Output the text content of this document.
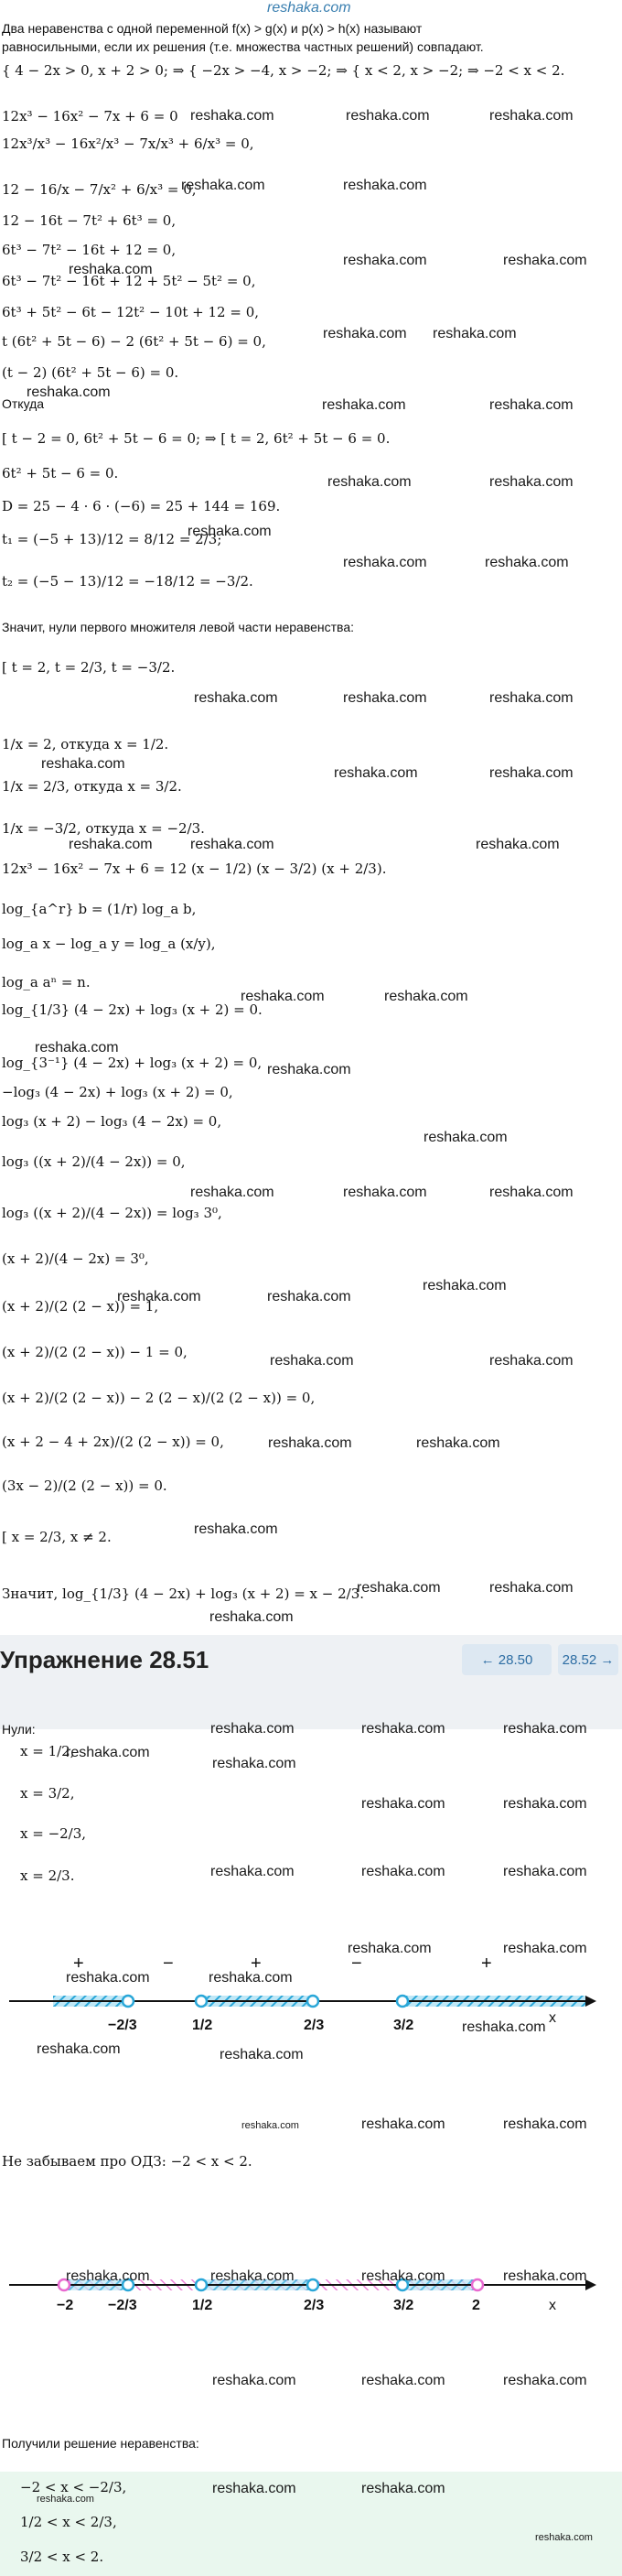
reshaka.com
Два неравенства с одной переменной f(x) > g(x) и p(x) > h(x) называют
равносильными, если их решения (т.е. множества частных решений) совпадают.
{ 4 − 2x > 0, x + 2 > 0; ⇒ { −2x > −4, x > −2; ⇒ { x < 2, x > −2; ⇒ −2 < x < 2.
12x³ − 16x² − 7x + 6 = 0
12x³/x³ − 16x²/x³ − 7x/x³ + 6/x³ = 0,
12 − 16/x − 7/x² + 6/x³ = 0,
12 − 16t − 7t² + 6t³ = 0,
6t³ − 7t² − 16t + 12 = 0,
6t³ − 7t² − 16t + 12 + 5t² − 5t² = 0,
6t³ + 5t² − 6t − 12t² − 10t + 12 = 0,
t (6t² + 5t − 6) − 2 (6t² + 5t − 6) = 0,
(t − 2) (6t² + 5t − 6) = 0.
Откуда
[ t − 2 = 0, 6t² + 5t − 6 = 0; ⇒ [ t = 2, 6t² + 5t − 6 = 0.
6t² + 5t − 6 = 0.
D = 25 − 4 · 6 · (−6) = 25 + 144 = 169.
t₁ = (−5 + 13)/12 = 8/12 = 2/3;
t₂ = (−5 − 13)/12 = −18/12 = −3/2.
Значит, нули первого множителя левой части неравенства:
[ t = 2, t = 2/3, t = −3/2.
1/x = 2, откуда x = 1/2.
1/x = 2/3, откуда x = 3/2.
1/x = −3/2, откуда x = −2/3.
12x³ − 16x² − 7x + 6 = 12 (x − 1/2) (x − 3/2) (x + 2/3).
log_{a^r} b = (1/r) log_a b,
log_a x − log_a y = log_a (x/y),
log_a aⁿ = n.
log_{1/3} (4 − 2x) + log₃ (x + 2) = 0.
log_{3⁻¹} (4 − 2x) + log₃ (x + 2) = 0,
−log₃ (4 − 2x) + log₃ (x + 2) = 0,
log₃ (x + 2) − log₃ (4 − 2x) = 0,
log₃ ((x + 2)/(4 − 2x)) = 0,
log₃ ((x + 2)/(4 − 2x)) = log₃ 3⁰,
(x + 2)/(4 − 2x) = 3⁰,
(x + 2)/(2 (2 − x)) = 1,
(x + 2)/(2 (2 − x)) − 1 = 0,
(x + 2)/(2 (2 − x)) − 2 (2 − x)/(2 (2 − x)) = 0,
(x + 2 − 4 + 2x)/(2 (2 − x)) = 0,
(3x − 2)/(2 (2 − x)) = 0.
[ x = 2/3, x ≠ 2.
Значит, log_{1/3} (4 − 2x) + log₃ (x + 2) = x − 2/3.
Упражнение 28.51	← 28.50	28.52 →
Нули:
x = 1/2,
x = 3/2,
x = −2/3,
x = 2/3.
+	−	+	−	+
−2/3	1/2	2/3	3/2	x
Не забываем про ОДЗ: −2 < x < 2.
−2 −2/3	1/2	2/3	3/2	2	x
Получили решение неравенства:
−2 < x < −2/3,
1/2 < x < 2/3,
3/2 < x < 2.
reshaka.com	reshaka.com	reshaka.com
reshaka.com	reshaka.com
reshaka.com
reshaka.com	reshaka.com
reshaka.com reshaka.com
reshaka.com
reshaka.com	reshaka.com
reshaka.com	reshaka.com
reshaka.com
reshaka.com	reshaka.com
reshaka.com	reshaka.com	reshaka.com
reshaka.com
reshaka.com	reshaka.com
reshaka.com	reshaka.com	reshaka.com
reshaka.com	reshaka.com
reshaka.com
reshaka.com
reshaka.com
reshaka.com	reshaka.com	reshaka.com
reshaka.com	reshaka.com
reshaka.com
reshaka.com	reshaka.com
reshaka.com	reshaka.com
reshaka.com
reshaka.com	reshaka.com
reshaka.com
reshaka.com	reshaka.com	reshaka.com
reshaka.com
reshaka.com
reshaka.com	reshaka.com
reshaka.com	reshaka.com	reshaka.com
reshaka.com	reshaka.com
reshaka.com	reshaka.com
reshaka.com	reshaka.com
reshaka.com
reshaka.com	reshaka.com	reshaka.com
reshaka.com	reshaka.com	reshaka.com	reshaka.com
reshaka.com	reshaka.com	reshaka.com
reshaka.com	reshaka.com
reshaka.com
reshaka.com
